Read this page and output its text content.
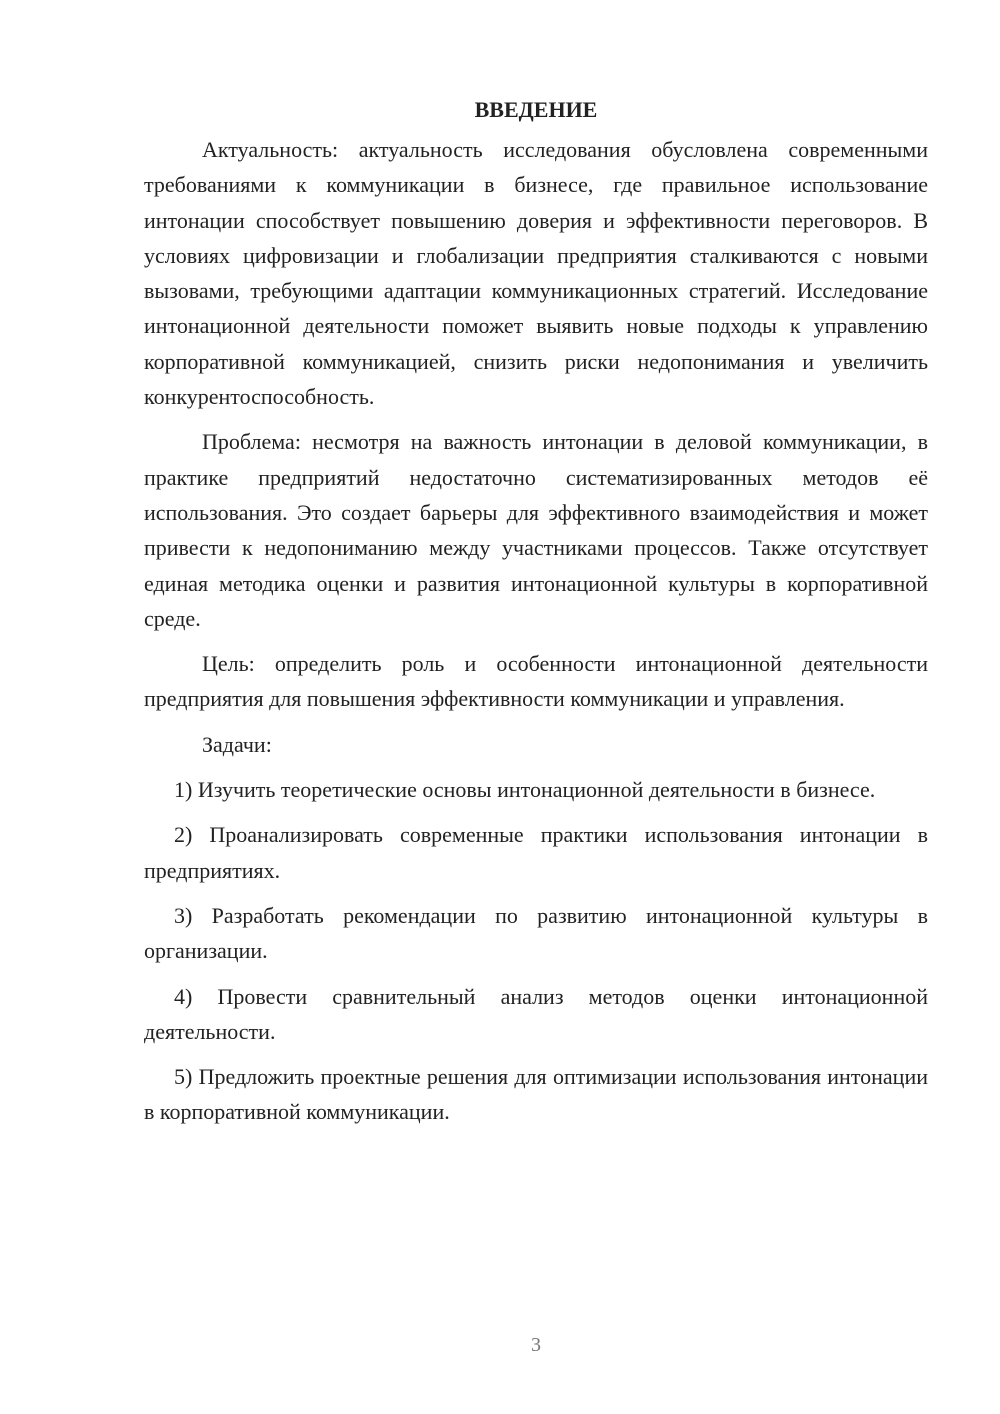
ВВЕДЕНИЕ

Актуальность: актуальность исследования обусловлена современными требованиями к коммуникации в бизнесе, где правильное использование интонации способствует повышению доверия и эффективности переговоров. В условиях цифровизации и глобализации предприятия сталкиваются с новыми вызовами, требующими адаптации коммуникационных стратегий. Исследование интонационной деятельности поможет выявить новые подходы к управлению корпоративной коммуникацией, снизить риски недопонимания и увеличить конкурентоспособность.

Проблема: несмотря на важность интонации в деловой коммуникации, в практике предприятий недостаточно систематизированных методов её использования. Это создает барьеры для эффективного взаимодействия и может привести к недопониманию между участниками процессов. Также отсутствует единая методика оценки и развития интонационной культуры в корпоративной среде.

Цель: определить роль и особенности интонационной деятельности предприятия для повышения эффективности коммуникации и управления.

Задачи:

1) Изучить теоретические основы интонационной деятельности в бизнесе.

2) Проанализировать современные практики использования интонации в предприятиях.

3) Разработать рекомендации по развитию интонационной культуры в организации.

4) Провести сравнительный анализ методов оценки интонационной деятельности.

5) Предложить проектные решения для оптимизации использования интонации в корпоративной коммуникации.

3
